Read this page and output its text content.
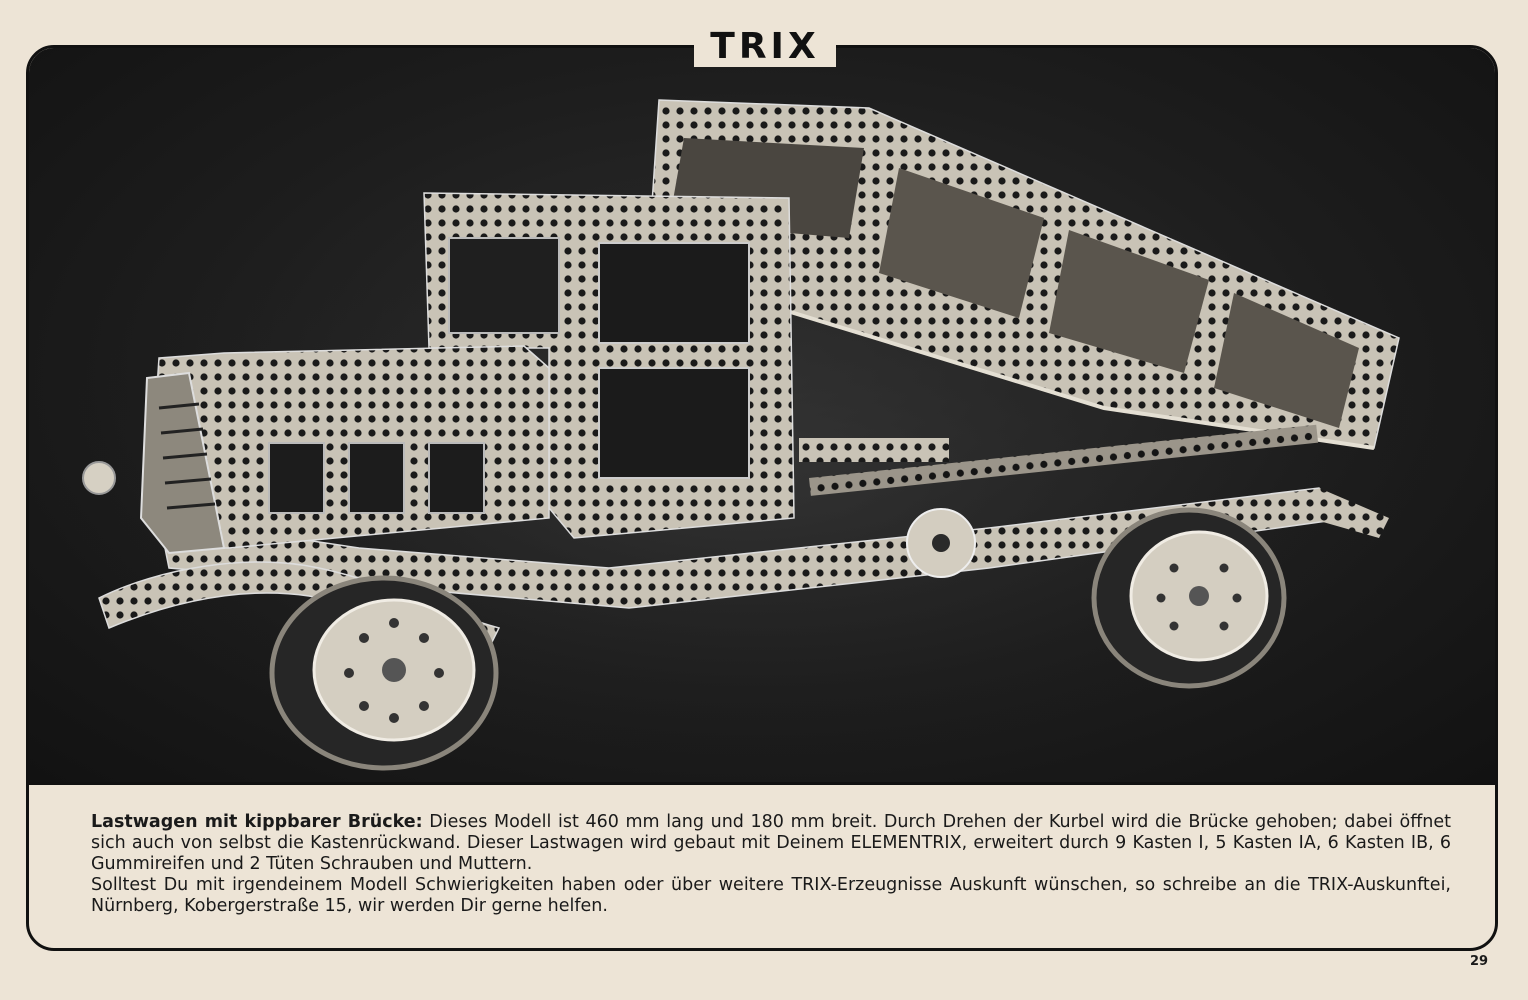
TRIX

Lastwagen mit kippbarer Brücke: Dieses Modell ist 460 mm lang und 180 mm breit. Durch Drehen der Kurbel wird die Brücke gehoben; dabei öffnet sich auch von selbst die Kastenrückwand. Dieser Lastwagen wird gebaut mit Deinem ELEMENTRIX, erweitert durch 9 Kasten I, 5 Kasten IA, 6 Kasten IB, 6 Gummireifen und 2 Tüten Schrauben und Muttern.

Solltest Du mit irgendeinem Modell Schwierigkeiten haben oder über weitere TRIX-Erzeugnisse Auskunft wünschen, so schreibe an die TRIX-Auskunftei, Nürnberg, Kobergerstraße 15, wir werden Dir gerne helfen.

29
